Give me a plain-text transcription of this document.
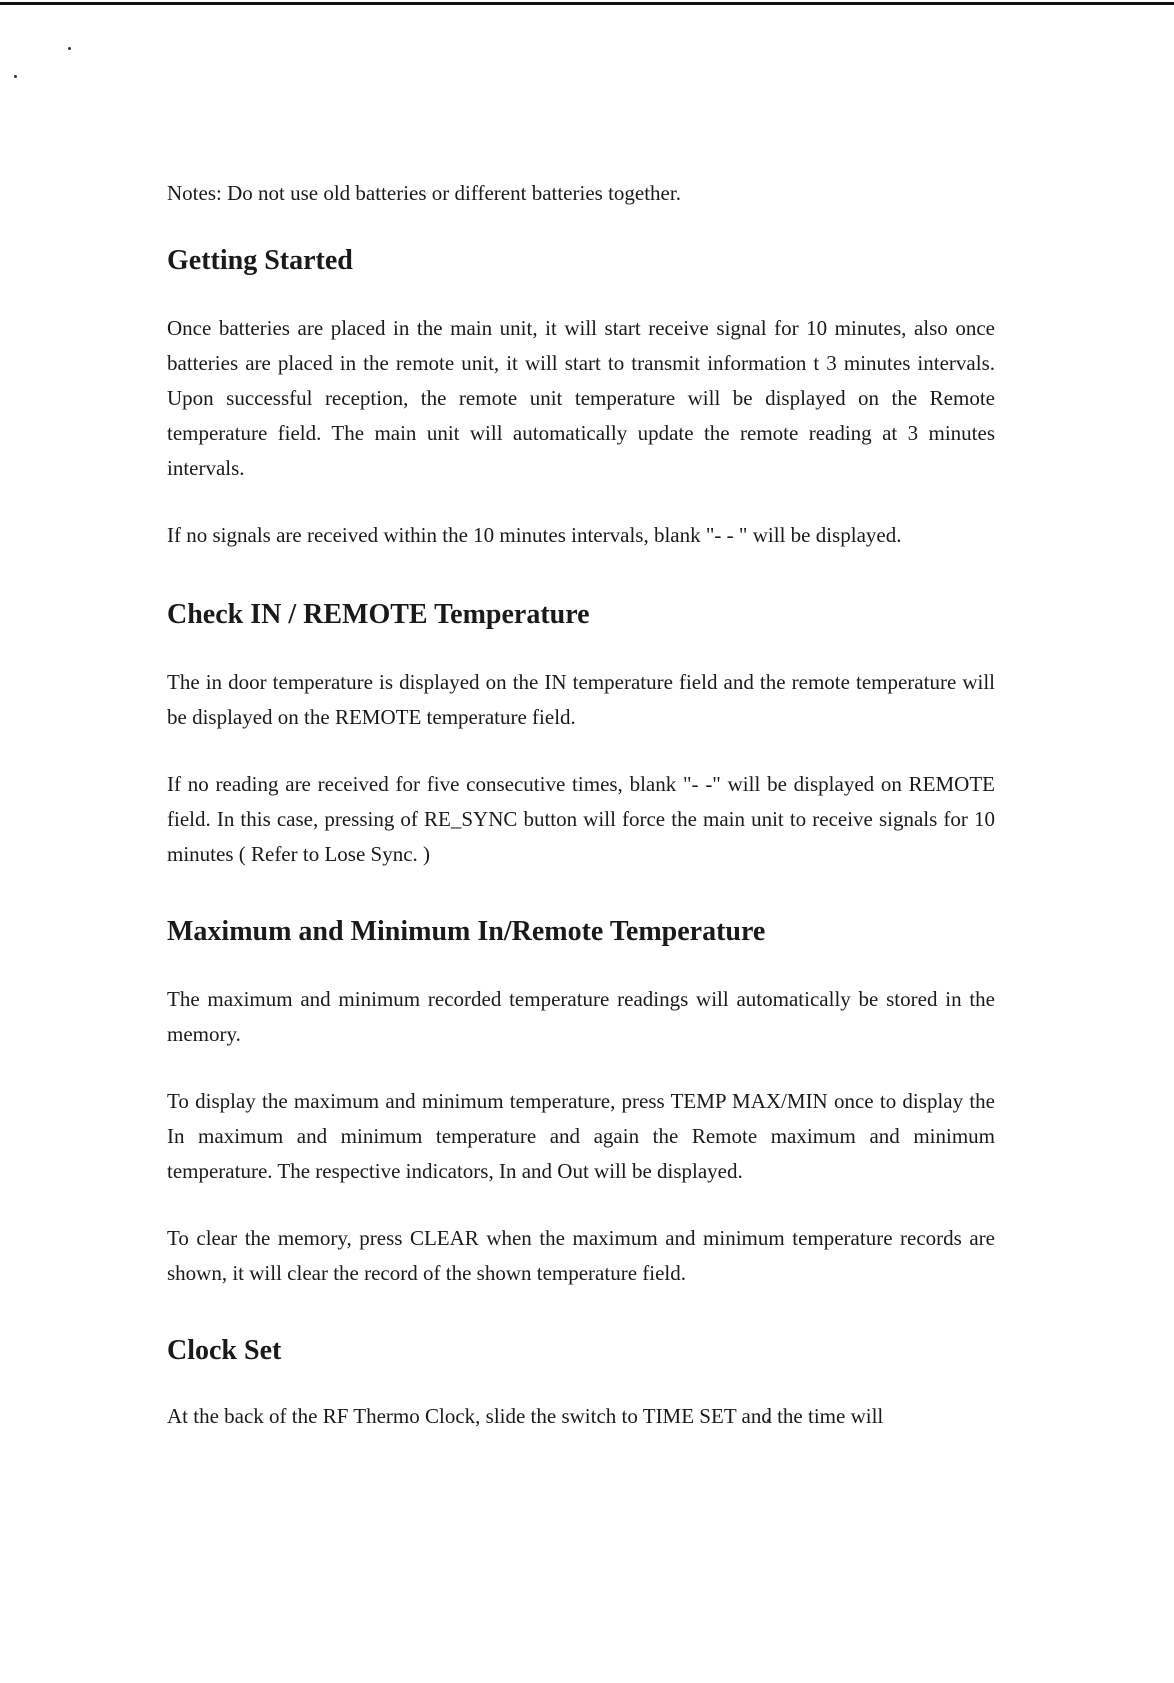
Notes: Do not use old batteries or different batteries together.

Getting Started

Once batteries are placed in the main unit, it will start receive signal for 10 minutes, also once batteries are placed in the remote unit, it will start to transmit information t 3 minutes intervals. Upon successful reception, the remote unit temperature will be displayed on the Remote temperature field. The main unit will automatically update the remote reading at 3 minutes intervals.

If no signals are received within the 10 minutes intervals, blank "- - " will be displayed.

Check IN / REMOTE Temperature

The in door temperature is displayed on the IN temperature field and the remote temperature will be displayed on the REMOTE temperature field.

If no reading are received for five consecutive times, blank "- -" will be displayed on REMOTE field. In this case, pressing of RE_SYNC button will force the main unit to receive signals for 10 minutes ( Refer to Lose Sync. )

Maximum and Minimum In/Remote Temperature

The maximum and minimum recorded temperature readings will automatically be stored in the memory.

To display the maximum and minimum temperature, press TEMP MAX/MIN once to display the In maximum and minimum temperature and again the Remote maximum and minimum temperature. The respective indicators, In and Out will be displayed.

To clear the memory, press CLEAR when the maximum and minimum temperature records are shown, it will clear the record of the shown temperature field.

Clock Set

At the back of the RF Thermo Clock, slide the switch to TIME SET and the time will
